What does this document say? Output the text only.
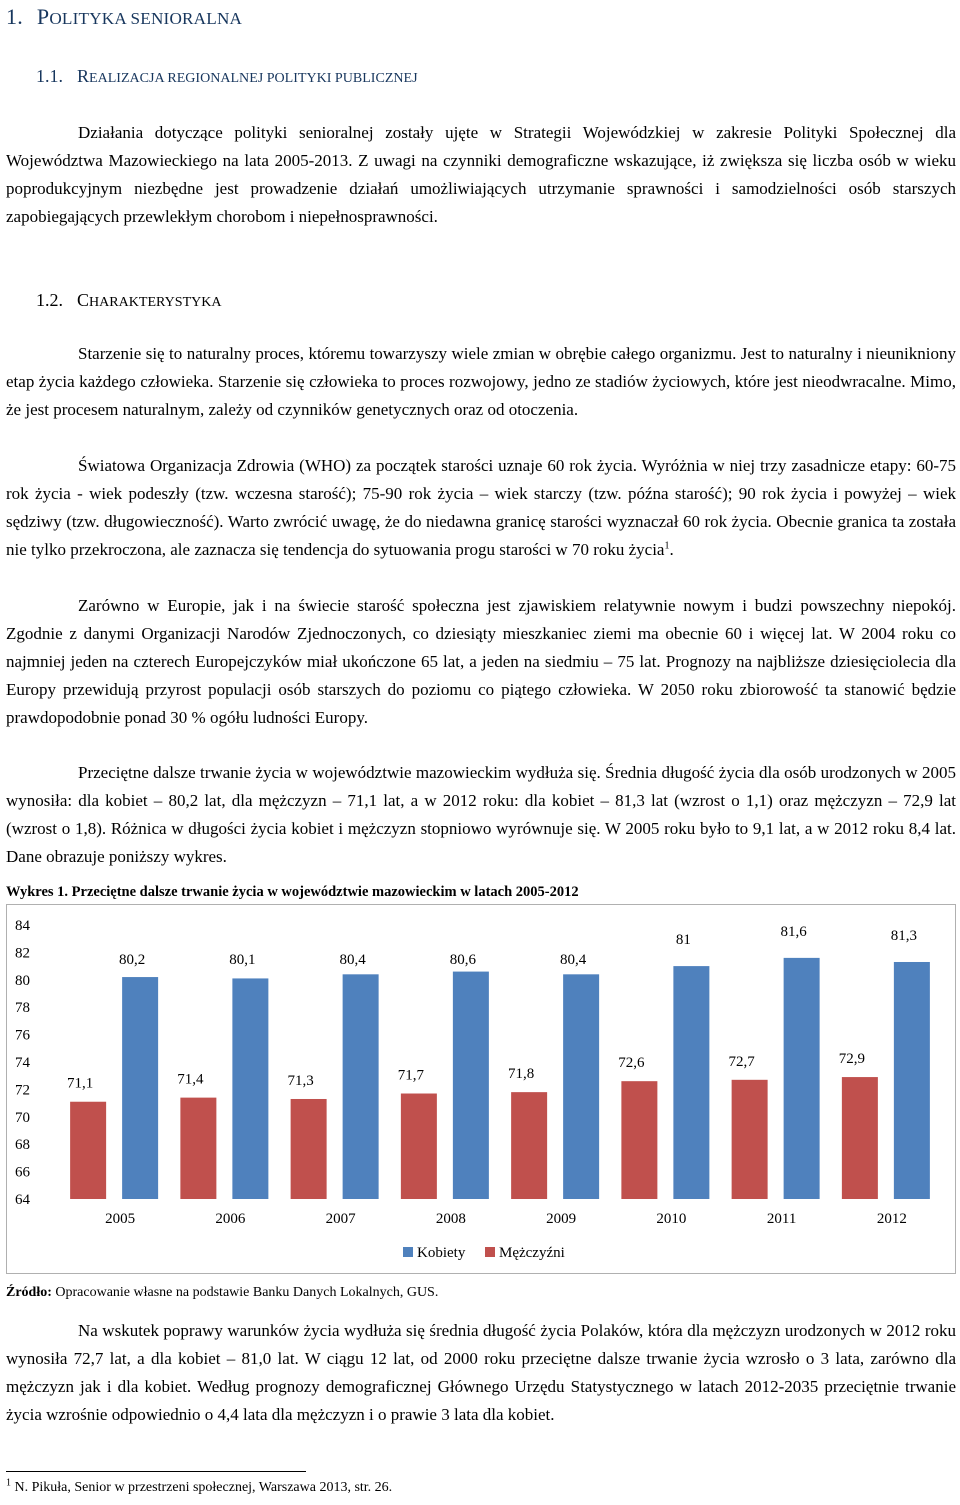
1. POLITYKA SENIORALNA
1.1. REALIZACJA REGIONALNEJ POLITYKI PUBLICZNEJ
Działania dotyczące polityki senioralnej zostały ujęte w Strategii Wojewódzkiej w zakresie Polityki Społecznej dla Województwa Mazowieckiego na lata 2005-2013. Z uwagi na czynniki demograficzne wskazujące, iż zwiększa się liczba osób w wieku poprodukcyjnym niezbędne jest prowadzenie działań umożliwiających utrzymanie sprawności i samodzielności osób starszych zapobiegających przewlekłym chorobom i niepełnosprawności.
1.2. CHARAKTERYSTYKA
Starzenie się to naturalny proces, któremu towarzyszy wiele zmian w obrębie całego organizmu. Jest to naturalny i nieunikniony etap życia każdego człowieka. Starzenie się człowieka to proces rozwojowy, jedno ze stadiów życiowych, które jest nieodwracalne. Mimo, że jest procesem naturalnym, zależy od czynników genetycznych oraz od otoczenia.
Światowa Organizacja Zdrowia (WHO) za początek starości uznaje 60 rok życia. Wyróżnia w niej trzy zasadnicze etapy: 60-75 rok życia - wiek podeszły (tzw. wczesna starość); 75-90 rok życia – wiek starczy (tzw. późna starość); 90 rok życia i powyżej – wiek sędziwy (tzw. długowieczność). Warto zwrócić uwagę, że do niedawna granicę starości wyznaczał 60 rok życia. Obecnie granica ta została nie tylko przekroczona, ale zaznacza się tendencja do sytuowania progu starości w 70 roku życia$^1$.
Zarówno w Europie, jak i na świecie starość społeczna jest zjawiskiem relatywnie nowym i budzi powszechny niepokój. Zgodnie z danymi Organizacji Narodów Zjednoczonych, co dziesiąty mieszkaniec ziemi ma obecnie 60 i więcej lat. W 2004 roku co najmniej jeden na czterech Europejczyków miał ukończone 65 lat, a jeden na siedmiu – 75 lat. Prognozy na najbliższe dziesięciolecia dla Europy przewidują przyrost populacji osób starszych do poziomu co piątego człowieka. W 2050 roku zbiorowość ta stanowić będzie prawdopodobnie ponad 30 % ogółu ludności Europy.
Przeciętne dalsze trwanie życia w województwie mazowieckim wydłuża się. Średnia długość życia dla osób urodzonych w 2005 wynosiła: dla kobiet – 80,2 lat, dla mężczyzn – 71,1 lat, a w 2012 roku: dla kobiet – 81,3 lat (wzrost o 1,1) oraz mężczyzn – 72,9 lat (wzrost o 1,8). Różnica w długości życia kobiet i mężczyzn stopniowo wyrównuje się. W 2005 roku było to 9,1 lat, a w 2012 roku 8,4 lat. Dane obrazuje poniższy wykres.
Wykres 1. Przeciętne dalsze trwanie życia w województwie mazowieckim w latach 2005-2012
84
82
80
78
76
74
72
70
68
66
64
80,2
71,1
2005
80,1
71,4
2006
80,4
71,3
2007
80,6
71,7
2008
80,4
71,8
2009
81
72,6
2010
81,6
72,7
2011
81,3
72,9
2012
Kobiety Mężczyźni
Źródło: Opracowanie własne na podstawie Banku Danych Lokalnych, GUS.
Na wskutek poprawy warunków życia wydłuża się średnia długość życia Polaków, która dla mężczyzn urodzonych w 2012 roku wynosiła 72,7 lat, a dla kobiet – 81,0 lat. W ciągu 12 lat, od 2000 roku przeciętne dalsze trwanie życia wzrosło o 3 lata, zarówno dla mężczyzn jak i dla kobiet. Według prognozy demograficznej Głównego Urzędu Statystycznego w latach 2012-2035 przeciętnie trwanie życia wzrośnie odpowiednio o 4,4 lata dla mężczyzn i o prawie 3 lata dla kobiet.
$^1$ N. Pikuła, Senior w przestrzeni społecznej, Warszawa 2013, str. 26.
